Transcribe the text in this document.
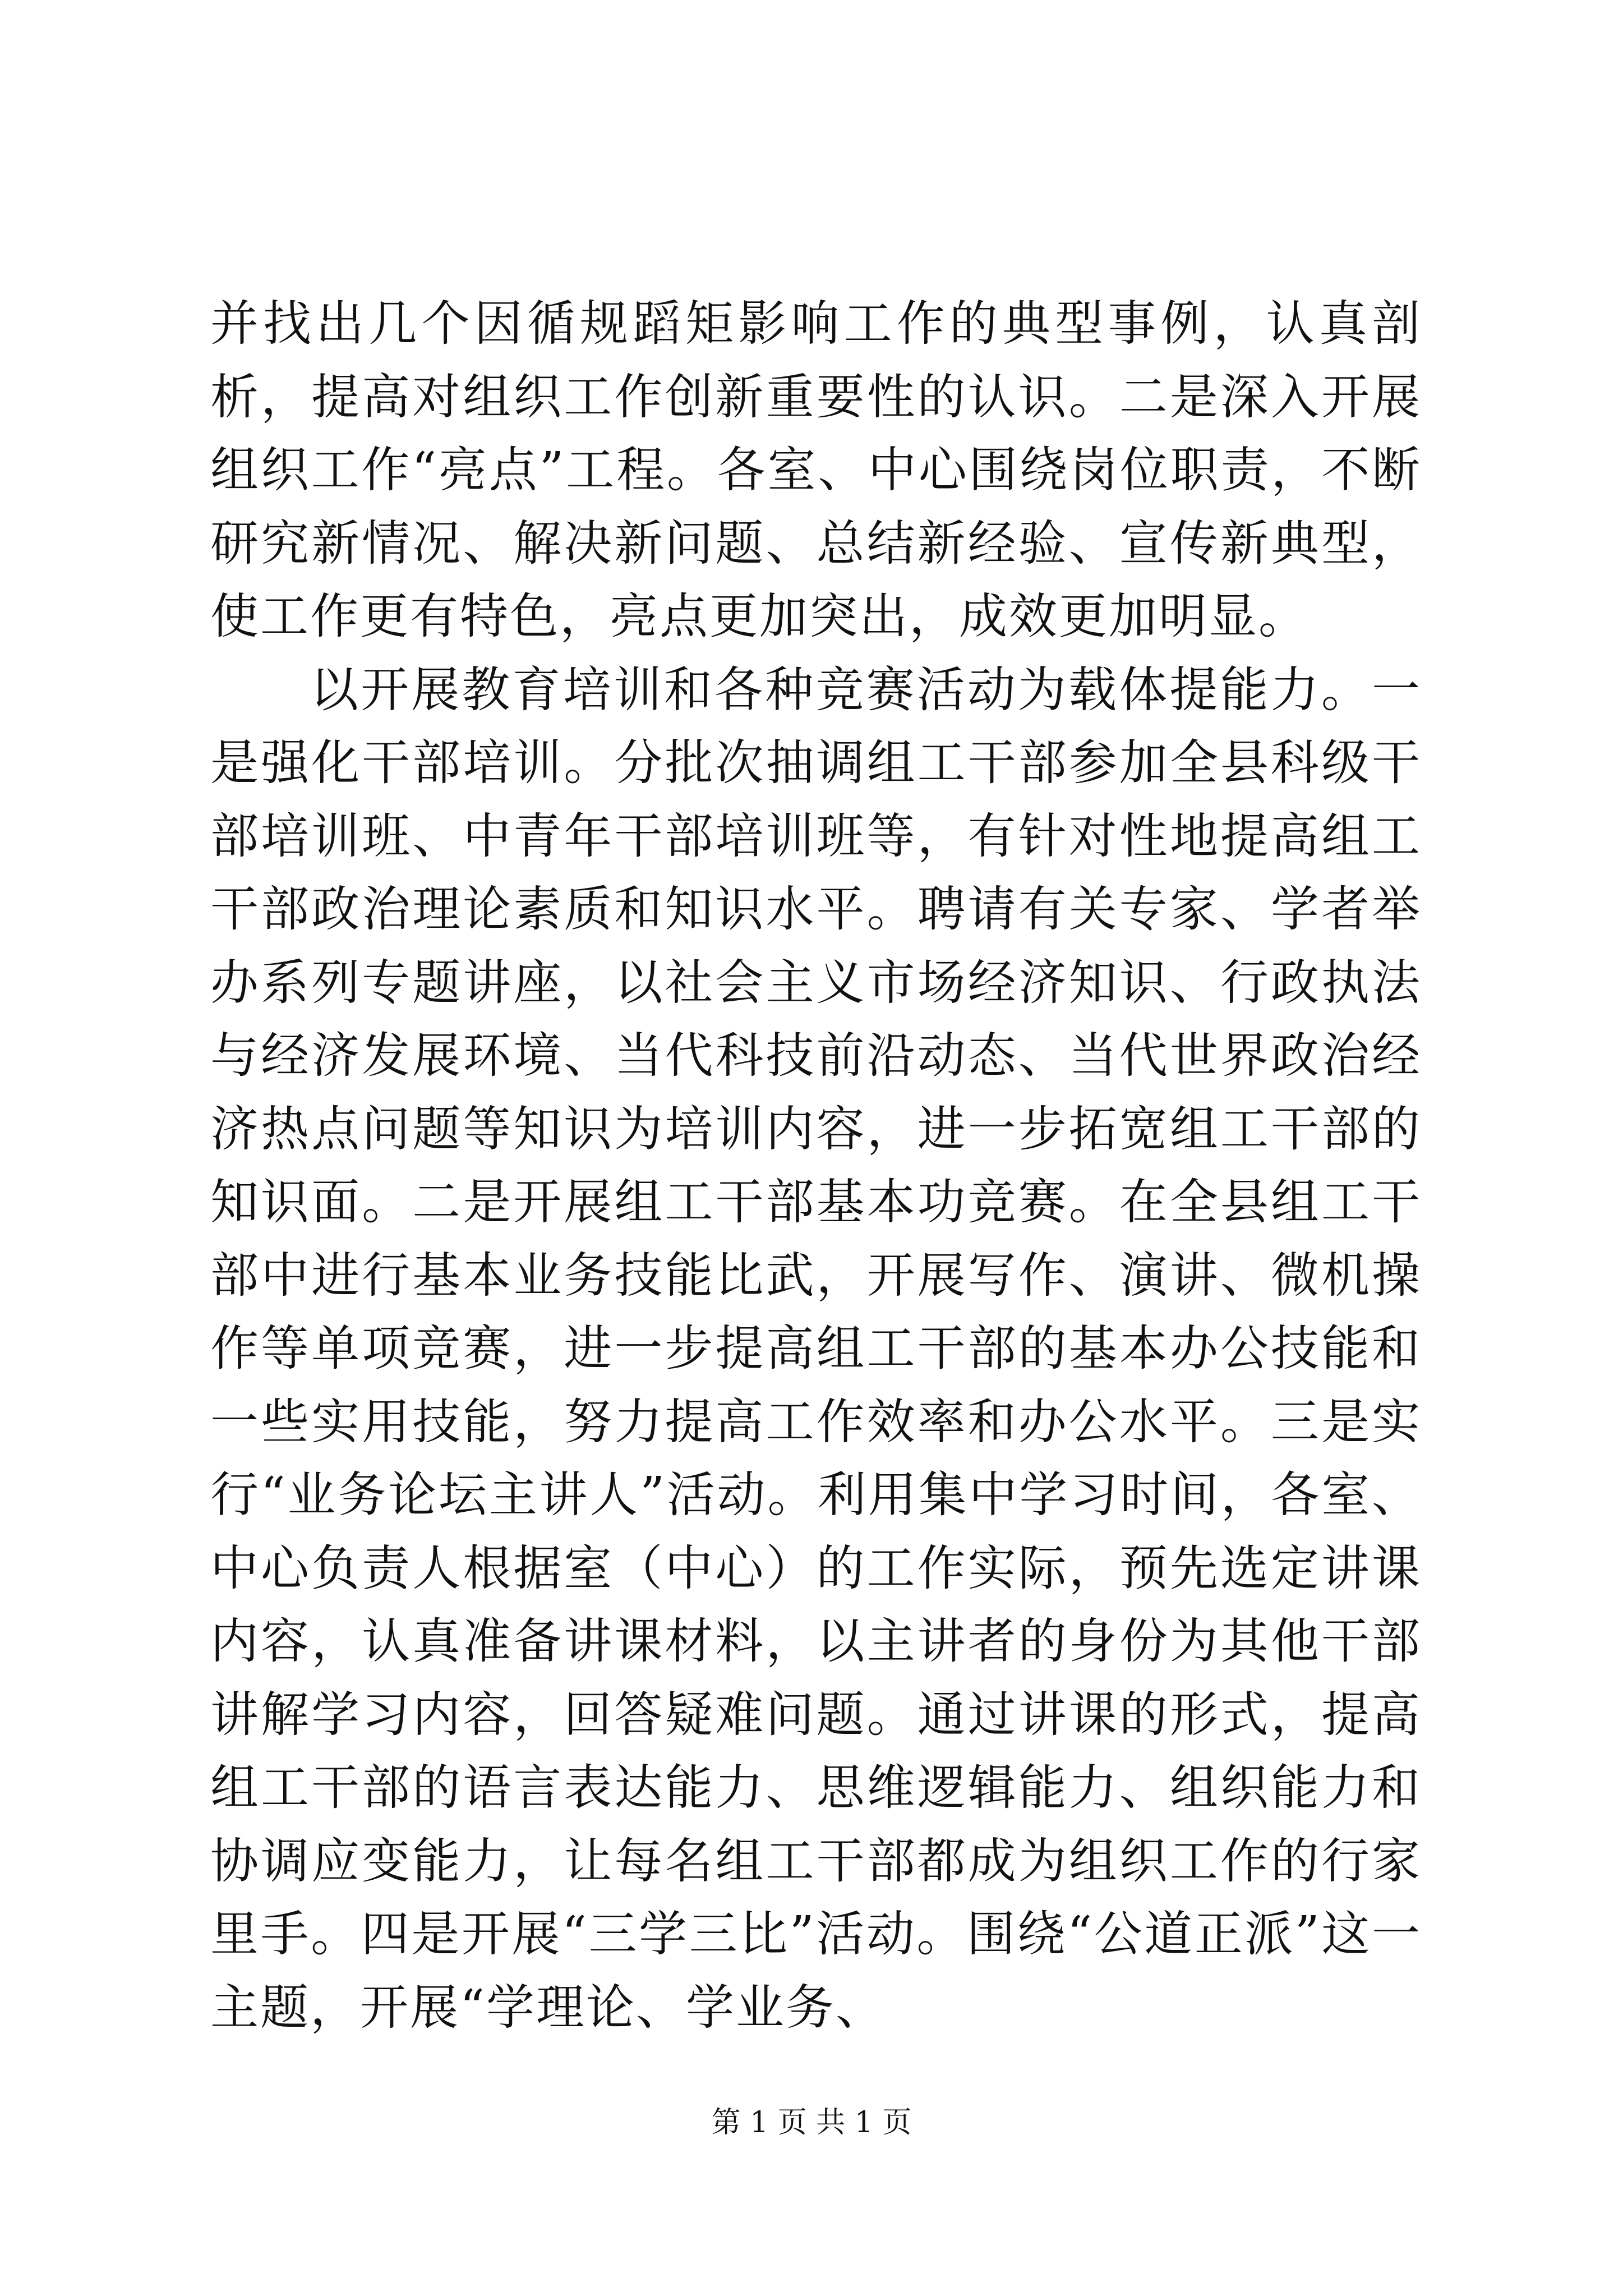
并找出几个因循规蹈矩影响工作的典型事例，认真剖析，提高对组织工作创新重要性的认识。二是深入开展组织工作“亮点”工程。各室、中心围绕岗位职责，不断研究新情况、解决新问题、总结新经验、宣传新典型，使工作更有特色，亮点更加突出，成效更加明显。

以开展教育培训和各种竞赛活动为载体提能力。一是强化干部培训。分批次抽调组工干部参加全县科级干部培训班、中青年干部培训班等，有针对性地提高组工干部政治理论素质和知识水平。聘请有关专家、学者举办系列专题讲座，以社会主义市场经济知识、行政执法与经济发展环境、当代科技前沿动态、当代世界政治经济热点问题等知识为培训内容，进一步拓宽组工干部的知识面。二是开展组工干部基本功竞赛。在全县组工干部中进行基本业务技能比武，开展写作、演讲、微机操作等单项竞赛，进一步提高组工干部的基本办公技能和一些实用技能，努力提高工作效率和办公水平。三是实行“业务论坛主讲人”活动。利用集中学习时间，各室、中心负责人根据室（中心）的工作实际，预先选定讲课内容，认真准备讲课材料，以主讲者的身份为其他干部讲解学习内容，回答疑难问题。通过讲课的形式，提高组工干部的语言表达能力、思维逻辑能力、组织能力和协调应变能力，让每名组工干部都成为组织工作的行家里手。四是开展“三学三比”活动。围绕“公道正派”这一主题，开展“学理论、学业务、

第 1 页 共 1 页
